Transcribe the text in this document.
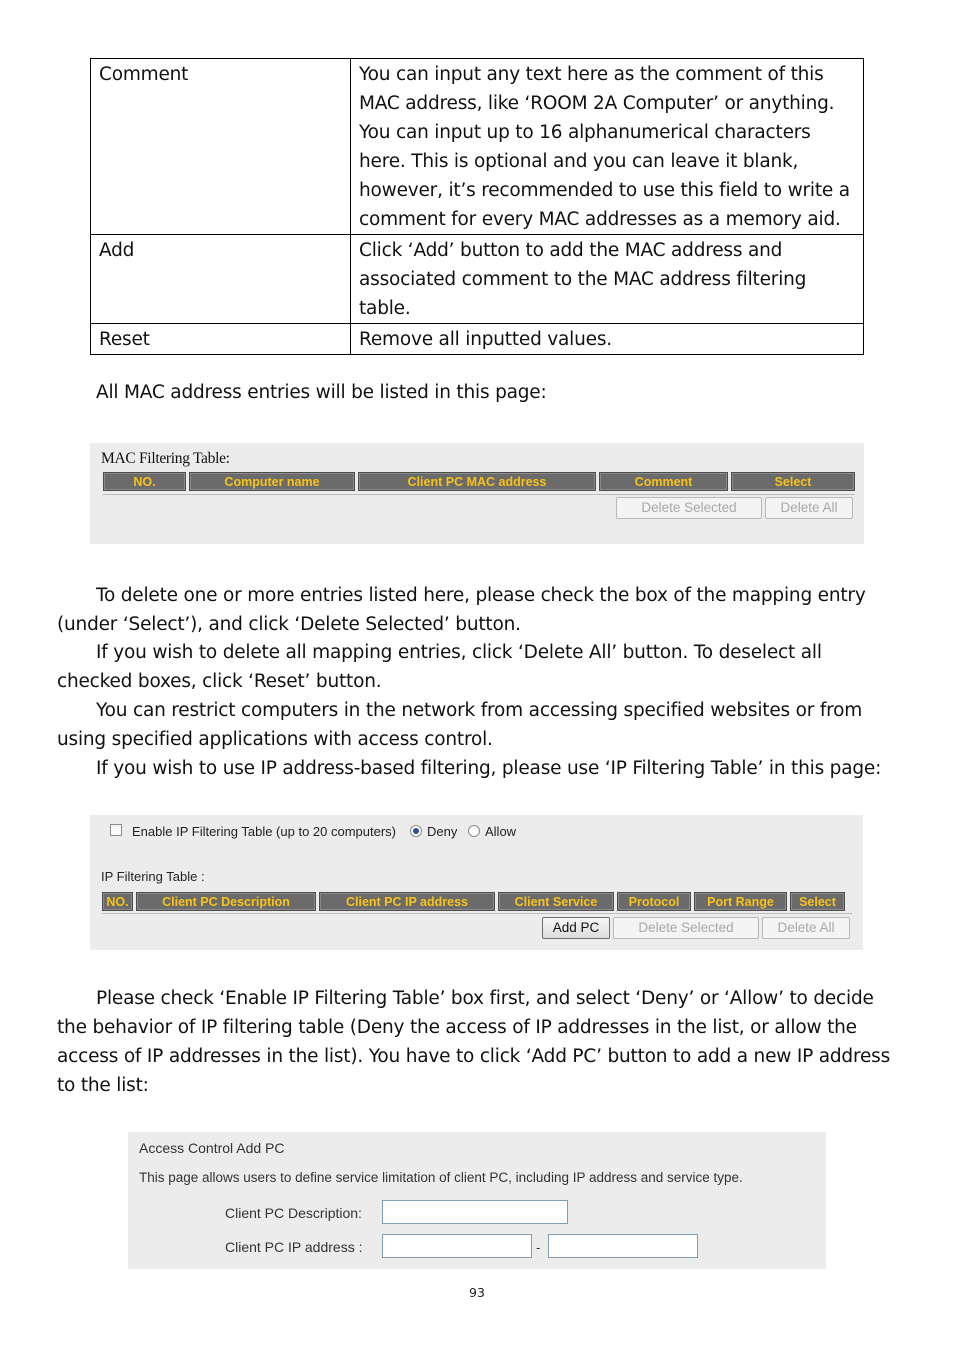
Comment	You can input any text here as the comment of this MAC address, like ‘ROOM 2A Computer’ or anything. You can input up to 16 alphanumerical characters here. This is optional and you can leave it blank, however, it’s recommended to use this field to write a comment for every MAC addresses as a memory aid.
Add	Click ‘Add’ button to add the MAC address and associated comment to the MAC address filtering table.
Reset	Remove all inputted values.
All MAC address entries will be listed in this page:
MAC Filtering Table:
NO.	Computer name	Client PC MAC address	Comment	Select
Delete Selected	Delete All
To delete one or more entries listed here, please check the box of the mapping entry (under ‘Select’), and click ‘Delete Selected’ button.
If you wish to delete all mapping entries, click ‘Delete All’ button. To deselect all checked boxes, click ‘Reset’ button.
You can restrict computers in the network from accessing specified websites or from using specified applications with access control.
If you wish to use IP address-based filtering, please use ‘IP Filtering Table’ in this page:
Enable IP Filtering Table (up to 20 computers) Deny Allow
IP Filtering Table :
NO.	Client PC Description	Client PC IP address	Client Service	Protocol	Port Range	Select
Add PC	Delete Selected	Delete All
Please check ‘Enable IP Filtering Table’ box first, and select ‘Deny’ or ‘Allow’ to decide the behavior of IP filtering table (Deny the access of IP addresses in the list, or allow the access of IP addresses in the list). You have to click ‘Add PC’ button to add a new IP address to the list:
Access Control Add PC
This page allows users to define service limitation of client PC, including IP address and service type.
Client PC Description:
Client PC IP address :	-
93
